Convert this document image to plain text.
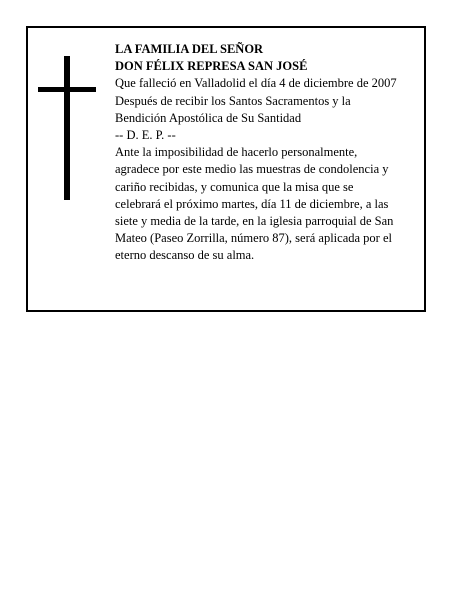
LA FAMILIA DEL SEÑOR
DON FÉLIX REPRESA SAN JOSÉ
Que falleció en Valladolid el día 4 de diciembre de 2007
Después de recibir los Santos Sacramentos y la
Bendición Apostólica de Su Santidad
-- D. E. P. --
Ante la imposibilidad de hacerlo personalmente,
agradece por este medio las muestras de condolencia y
cariño recibidas, y comunica que la misa que se
celebrará el próximo martes, día 11 de diciembre, a las
siete y media de la tarde, en la iglesia parroquial de San
Mateo (Paseo Zorrilla, número 87), será aplicada por el
eterno descanso de su alma.
